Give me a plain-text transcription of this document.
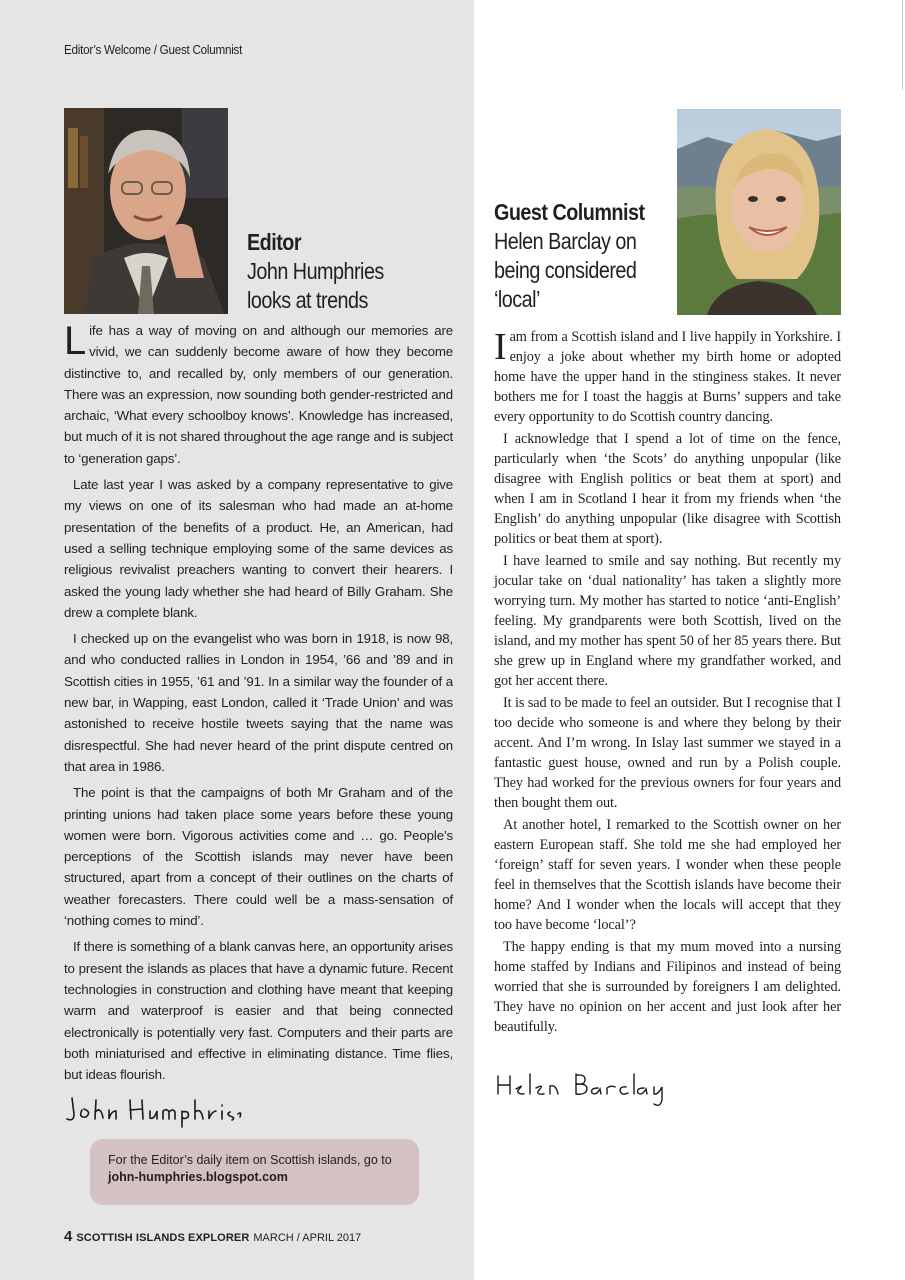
Editor’s Welcome / Guest Columnist
Editor
John Humphries
looks at trends

Life has a way of moving on and although our memories are vivid, we can suddenly become aware of how they become distinctive to, and recalled by, only members of our generation. There was an expression, now sounding both gender-restricted and archaic, ‘What every schoolboy knows’. Knowledge has increased, but much of it is not shared throughout the age range and is subject to ‘generation gaps’.

Late last year I was asked by a company representative to give my views on one of its salesman who had made an at-home presentation of the benefits of a product. He, an American, had used a selling technique employing some of the same devices as religious revivalist preachers wanting to convert their hearers. I asked the young lady whether she had heard of Billy Graham. She drew a complete blank.

I checked up on the evangelist who was born in 1918, is now 98, and who conducted rallies in London in 1954, ’66 and ’89 and in Scottish cities in 1955, ’61 and ’91. In a similar way the founder of a new bar, in Wapping, east London, called it ‘Trade Union’ and was astonished to receive hostile tweets saying that the name was disrespectful. She had never heard of the print dispute centred on that area in 1986.

The point is that the campaigns of both Mr Graham and of the printing unions had taken place some years before these young women were born. Vigorous activities come and … go. People’s perceptions of the Scottish islands may never have been structured, apart from a concept of their outlines on the charts of weather forecasters. There could well be a mass-sensation of ‘nothing comes to mind’.

If there is something of a blank canvas here, an opportunity arises to present the islands as places that have a dynamic future. Recent technologies in construction and clothing have meant that keeping warm and waterproof is easier and that being connected electronically is potentially very fast. Computers and their parts are both miniaturised and effective in eliminating distance. Time flies, but ideas flourish.

For the Editor’s daily item on Scottish islands, go to
john-humphries.blogspot.com
4 SCOTTISH ISLANDS EXPLORER MARCH / APRIL 2017
Guest Columnist
Helen Barclay on
being considered
‘local’

Iam from a Scottish island and I live happily in Yorkshire. I enjoy a joke about whether my birth home or adopted home have the upper hand in the stinginess stakes. It never bothers me for I toast the haggis at Burns’ suppers and take every opportunity to do Scottish country dancing.

I acknowledge that I spend a lot of time on the fence, particularly when ‘the Scots’ do anything unpopular (like disagree with English politics or beat them at sport) and when I am in Scotland I hear it from my friends when ‘the English’ do anything unpopular (like disagree with Scottish politics or beat them at sport).

I have learned to smile and say nothing. But recently my jocular take on ‘dual nationality’ has taken a slightly more worrying turn. My mother has started to notice ‘anti-English’ feeling. My grandparents were both Scottish, lived on the island, and my mother has spent 50 of her 85 years there. But she grew up in England where my grandfather worked, and got her accent there.

It is sad to be made to feel an outsider. But I recognise that I too decide who someone is and where they belong by their accent. And I’m wrong. In Islay last summer we stayed in a fantastic guest house, owned and run by a Polish couple. They had worked for the previous owners for four years and then bought them out.

At another hotel, I remarked to the Scottish owner on her eastern European staff. She told me she had employed her ‘foreign’ staff for seven years. I wonder when these people feel in themselves that the Scottish islands have become their home? And I wonder when the locals will accept that they too have become ‘local’?

The happy ending is that my mum moved into a nursing home staffed by Indians and Filipinos and instead of being worried that she is surrounded by foreigners I am delighted. They have no opinion on her accent and just look after her beautifully.
